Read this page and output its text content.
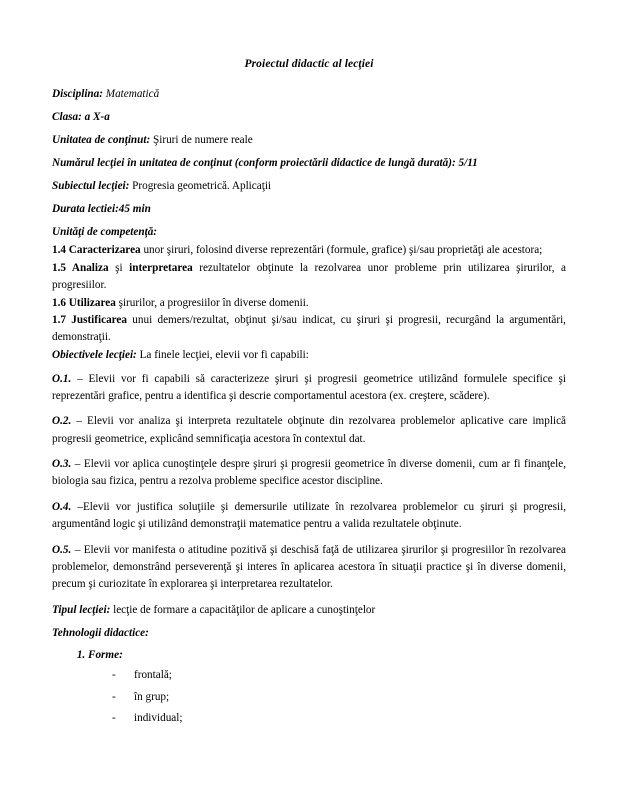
Proiectul didactic al lecţiei

Disciplina: Matematică

Clasa: a X-a

Unitatea de conţinut: Şiruri de numere reale

Numărul lecţiei în unitatea de conţinut (conform proiectării didactice de lungă durată): 5/11

Subiectul lecţiei: Progresia geometrică. Aplicaţii

Durata lectiei:45 min

Unităţi de competenţă:

1.4 Caracterizarea unor şiruri, folosind diverse reprezentări (formule, grafice) şi/sau proprietăţi ale acestora;

1.5 Analiza şi interpretarea rezultatelor obţinute la rezolvarea unor probleme prin utilizarea şirurilor, a progresiilor.

1.6 Utilizarea şirurilor, a progresiilor în diverse domenii.

1.7 Justificarea unui demers/rezultat, obţinut şi/sau indicat, cu şiruri şi progresii, recurgând la argumentări, demonstraţii.

Obiectivele lecţiei: La finele lecţiei, elevii vor fi capabili:

O.1. – Elevii vor fi capabili să caracterizeze şiruri şi progresii geometrice utilizând formulele specifice şi reprezentări grafice, pentru a identifica şi descrie comportamentul acestora (ex. creştere, scădere).

O.2. – Elevii vor analiza şi interpreta rezultatele obţinute din rezolvarea problemelor aplicative care implică progresii geometrice, explicând semnificaţia acestora în contextul dat.

O.3. – Elevii vor aplica cunoştinţele despre şiruri şi progresii geometrice în diverse domenii, cum ar fi finanţele, biologia sau fizica, pentru a rezolva probleme specifice acestor discipline.

O.4. –Elevii vor justifica soluţiile şi demersurile utilizate în rezolvarea problemelor cu şiruri şi progresii, argumentând logic şi utilizând demonstraţii matematice pentru a valida rezultatele obţinute.

O.5. – Elevii vor manifesta o atitudine pozitivă şi deschisă faţă de utilizarea şirurilor şi progresiilor în rezolvarea problemelor, demonstrând perseverenţă şi interes în aplicarea acestora în situaţii practice şi în diverse domenii, precum şi curiozitate în explorarea şi interpretarea rezultatelor.

Tipul lecţiei: lecţie de formare a capacităţilor de aplicare a cunoştinţelor

Tehnologii didactice:

1. Forme:
- frontală;
- în grup;
- individual;
